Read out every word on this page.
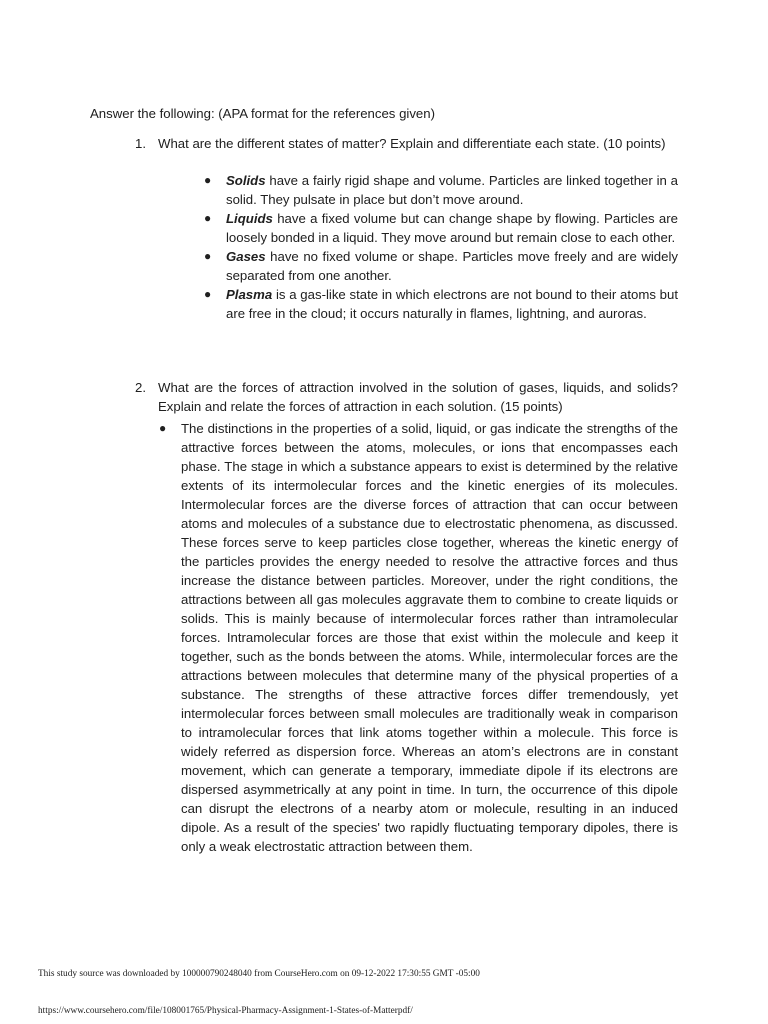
Answer the following: (APA format for the references given)
1. What are the different states of matter? Explain and differentiate each state. (10 points)
● Solids have a fairly rigid shape and volume. Particles are linked together in a solid. They pulsate in place but don’t move around.
● Liquids have a fixed volume but can change shape by flowing. Particles are loosely bonded in a liquid. They move around but remain close to each other.
● Gases have no fixed volume or shape. Particles move freely and are widely separated from one another.
● Plasma is a gas-like state in which electrons are not bound to their atoms but are free in the cloud; it occurs naturally in flames, lightning, and auroras.
2. What are the forces of attraction involved in the solution of gases, liquids, and solids? Explain and relate the forces of attraction in each solution. (15 points)
● The distinctions in the properties of a solid, liquid, or gas indicate the strengths of the attractive forces between the atoms, molecules, or ions that encompasses each phase. The stage in which a substance appears to exist is determined by the relative extents of its intermolecular forces and the kinetic energies of its molecules. Intermolecular forces are the diverse forces of attraction that can occur between atoms and molecules of a substance due to electrostatic phenomena, as discussed. These forces serve to keep particles close together, whereas the kinetic energy of the particles provides the energy needed to resolve the attractive forces and thus increase the distance between particles. Moreover, under the right conditions, the attractions between all gas molecules aggravate them to combine to create liquids or solids. This is mainly because of intermolecular forces rather than intramolecular forces. Intramolecular forces are those that exist within the molecule and keep it together, such as the bonds between the atoms. While, intermolecular forces are the attractions between molecules that determine many of the physical properties of a substance. The strengths of these attractive forces differ tremendously, yet intermolecular forces between small molecules are traditionally weak in comparison to intramolecular forces that link atoms together within a molecule. This force is widely referred as dispersion force. Whereas an atom’s electrons are in constant movement, which can generate a temporary, immediate dipole if its electrons are dispersed asymmetrically at any point in time. In turn, the occurrence of this dipole can disrupt the electrons of a nearby atom or molecule, resulting in an induced dipole. As a result of the species' two rapidly fluctuating temporary dipoles, there is only a weak electrostatic attraction between them.
This study source was downloaded by 100000790248040 from CourseHero.com on 09-12-2022 17:30:55 GMT -05:00
https://www.coursehero.com/file/108001765/Physical-Pharmacy-Assignment-1-States-of-Matterpdf/
